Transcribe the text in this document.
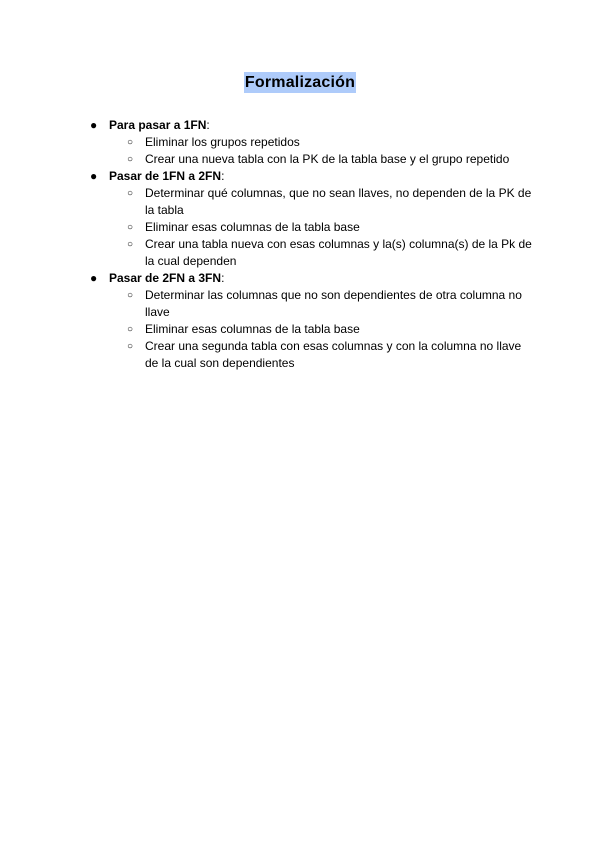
Formalización
● Para pasar a 1FN:

○ Eliminar los grupos repetidos
○ Crear una nueva tabla con la PK de la tabla base y el grupo repetido
● Pasar de 1FN a 2FN:

○ Determinar qué columnas, que no sean llaves, no dependen de la PK de la tabla
○ Eliminar esas columnas de la tabla base
○ Crear una tabla nueva con esas columnas y la(s) columna(s) de la Pk de la cual dependen
● Pasar de 2FN a 3FN:

○ Determinar las columnas que no son dependientes de otra columna no llave
○ Eliminar esas columnas de la tabla base
○ Crear una segunda tabla con esas columnas y con la columna no llave de la cual son dependientes
